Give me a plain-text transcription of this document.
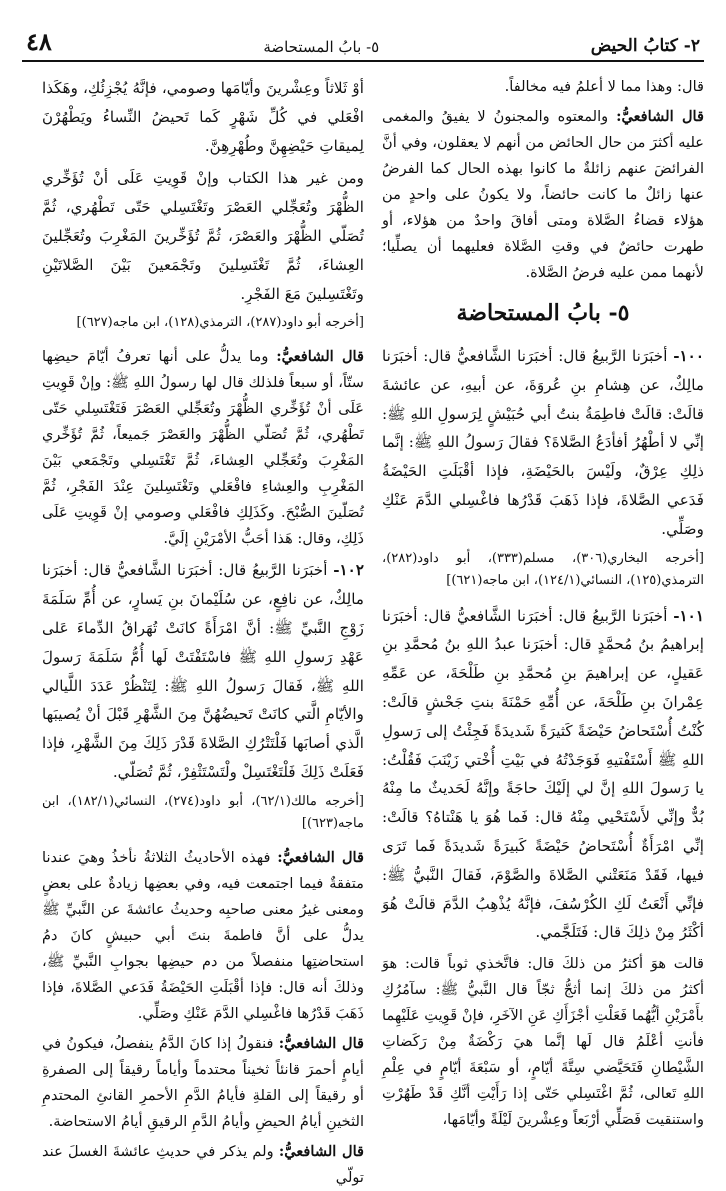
٢- كتابُ الحيض
٥- بابُ المستحاضة
٤٨

قال: وهذا مما لا أعلمُ فيه مخالفاً.

قال الشافعيُّ: والمعتوه والمجنونُ لا يفيقُ والمغمى عليه أكثرَ من حال الحائض من أنهم لا يعقلون، وفي أنَّ الفرائضَ عنهم زائلةٌ ما كانوا بهذه الحال كما الفرضُ عنها زائلٌ ما كانت حائضاً، ولا يكونُ على واحدٍ من هؤلاء قضاءُ الصَّلاة ومتى أفاقَ واحدٌ من هؤلاء، أو طهرت حائضٌ في وقتِ الصَّلاة فعليهما أن يصلِّيا؛ لأنهما ممن عليه فرضُ الصَّلاة.

٥- بابُ المستحاضة

١٠٠- أخبَرَنا الرَّبيعُ قال: أخبَرَنا الشَّافعيُّ قال: أخبَرَنا مالِكٌ، عن هِشامِ بنِ عُروَةَ، عن أبيهِ، عن عائشةَ قالَتْ: قالَتْ فاطِمَةُ بنتُ أبي حُبَيْشٍ لِرَسولِ اللهِ ﷺ: إنِّي لا أطْهُرُ أفأدَعُ الصَّلاةَ؟ فقالَ رَسولُ اللهِ ﷺ: إنَّما ذلِكِ عِرْقٌ، ولَيْسَ بالحَيْضَةِ، فإذا أقْبَلَتِ الحَيْضَةُ فَدَعي الصَّلاةَ، فإذا ذَهَبَ قَدْرُها فاغْسِلي الدَّمَ عَنْكِ وصَلِّي.

[أخرجه البخاري(٣٠٦)، مسلم(٣٣٣)، أبو داود(٢٨٢)، الترمذي(١٢٥)، النسائي(١٢٤/١)، ابن ماجه(٦٢١)]

١٠١- أخبَرَنا الرَّبيعُ قال: أخبَرَنا الشَّافعيُّ قال: أخبَرَنا إبراهيمُ بنُ مُحمَّدٍ قال: أخبَرَنا عبدُ اللهِ بنُ مُحمَّدِ بنِ عَقيلٍ، عن إبراهيمَ بنِ مُحمَّدِ بنِ طَلْحَةَ، عن عَمِّهِ عِمْرانَ بنِ طَلْحَةَ، عن أُمِّهِ حَمْنَةَ بنتِ جَحْشٍ قالَتْ: كُنْتُ أُسْتَحاضُ حَيْضَةً كَثيرَةً شَديدَةً فَجِئْتُ إلى رَسولِ اللهِ ﷺ أَسْتَفْتيهِ فَوَجَدْتُهُ في بَيْتِ أُخْتي زَيْنَبَ فَقُلْتُ: يا رَسولَ اللهِ إنَّ لي إلَيْكَ حاجَةً وإنَّهُ لَحَديثٌ ما مِنْهُ بُدٌّ وإنِّي لأَسْتَحْيي مِنْهُ قال: فَما هُوَ يا هَنْتاهُ؟ قالَتْ: إنِّي امْرَأَةٌ أُسْتَحاضُ حَيْضَةً كَبيرَةً شَديدَةً فَما تَرَى فيها، فَقَدْ مَنَعَتْني الصَّلاةَ والصَّوْمَ، فَقالَ النَّبيُّ ﷺ: فإنِّي أَنْعَتُ لَكِ الكُرْسُفَ، فإنَّهُ يُذْهِبُ الدَّمَ قالَتْ هُوَ أكْثَرُ مِنْ ذلِكَ قال: فَتَلَجَّمي.

قالت هوَ أكثرُ من ذلكَ قال: فاتَّخذي ثوباً قالت: هوَ أكثرُ من ذلكَ إنما أثجُّ ثجّاً قال النَّبيُّ ﷺ: سآمُرُكِ بأَمْرَيْنِ أيُّهُما فَعَلْتِ أجْزَأَكِ عَنِ الآخَرِ، فإنْ قَوِيتِ عَلَيْهِما فأنتِ أعْلَمُ قال لَها إنَّما هيَ رَكْضَةٌ مِنْ رَكَضاتِ الشَّيْطانِ فَتَحَيَّضي سِتَّةَ أيّامٍ، أو سَبْعَةَ أيّامٍ في عِلْمِ اللهِ تَعالى، ثُمَّ اغْتَسِلي حَتّى إذا رَأَيْتِ أنَّكِ قَدْ طَهُرْتِ واستنقيت فَصَلِّي أرْبَعاً وعِشْرينَ لَيْلَةً وأيّامَها،

أوْ ثَلاثاً وعِشْرينَ وأيّامَها وصومي، فإنَّهُ يُجْزِئُكِ، وهَكَذا افْعَلي في كُلِّ شَهْرٍ كَما تَحيضُ النِّساءُ ويَطْهُرْنَ لِميقاتِ حَيْضِهِنَّ وطُهْرِهِنَّ.

ومن غير هذا الكتاب وإنْ قَوِيتِ عَلَى أنْ تُؤَخِّري الظُّهْرَ وتُعَجِّلي العَصْرَ وتَغْتَسِلي حَتّى تَطْهُري، ثُمَّ تُصَلّي الظُّهْرَ والعَصْرَ، ثُمَّ تُؤَخِّرينَ المَغْرِبَ وتُعَجِّلينَ العِشاءَ، ثُمَّ تَغْتَسِلينَ وتَجْمَعينَ بَيْنَ الصَّلاتَيْنِ وتَغْتَسِلينَ مَعَ الفَجْرِ.

[أخرجه أبو داود(٢٨٧)، الترمذي(١٢٨)، ابن ماجه(٦٢٧)]

قال الشافعيُّ: وما يدلُّ على أنها تعرفُ أيّامَ حيضِها ستّاً، أو سبعاً فلذلك قال لها رسولُ اللهِ ﷺ: وإنْ قَوِيتِ عَلَى أنْ تُؤَخِّري الظُّهْرَ وتُعَجِّلي العَصْرَ فَتَغْتَسِلي حَتّى تَطْهُري، ثُمَّ تُصَلّي الظُّهْرَ والعَصْرَ جَميعاً، ثُمَّ تُؤَخِّري المَغْرِبَ وتُعَجِّلي العِشاءَ، ثُمَّ تَغْتَسِلي وتَجْمَعي بَيْنَ المَغْرِبِ والعِشاءِ فافْعَلي وتَغْتَسِلينَ عِنْدَ الفَجْرِ، ثُمَّ تُصَلّينَ الصُّبْحَ. وكَذَلِكِ فافْعَلي وصومي إنْ قَوِيتِ عَلَى ذَلِكِ، وقال: هَذا أحَبُّ الأمْرَيْنِ إلَيَّ.

١٠٢- أخبَرَنا الرَّبيعُ قال: أخبَرَنا الشَّافعيُّ قال: أخبَرَنا مالِكٌ، عن نافِعٍ، عن سُلَيْمانَ بنِ يَسارٍ، عن أُمِّ سَلَمَةَ زَوْجِ النَّبيِّ ﷺ: أنَّ امْرَأَةً كانَتْ تُهَراقُ الدِّماءَ عَلى عَهْدِ رَسولِ اللهِ ﷺ فاسْتَفْتَتْ لَها أُمُّ سَلَمَةَ رَسولَ اللهِ ﷺ، فَقالَ رَسولُ اللهِ ﷺ: لِتَنْظُرْ عَدَدَ اللَّيالي والأيّامِ الَّتي كانَتْ تَحيضُهُنَّ مِنَ الشَّهْرِ قَبْلَ أنْ يُصيبَها الَّذي أصابَها فَلْتَتْرُكِ الصَّلاةَ قَدْرَ ذَلِكَ مِنَ الشَّهْرِ، فإذا فَعَلَتْ ذَلِكَ فَلْتَغْتَسِلْ ولْتَسْتَثْفِرْ، ثُمَّ تُصَلّي.

[أخرجه مالك(٦٢/١)، أبو داود(٢٧٤)، النسائي(١٨٢/١)، ابن ماجه(٦٢٣)]

قال الشافعيُّ: فهذه الأحاديثُ الثلاثةُ نأخذُ وهيَ عندنا متفقةٌ فيما اجتمعت فيه، وفي بعضِها زيادةٌ على بعضٍ ومعنى غيرُ معنى صاحبِه وحديثُ عائشةَ عن النَّبيِّ ﷺ يدلُّ على أنَّ فاطمةَ بنتَ أبي حبيشٍ كانَ دمُ استحاضتِها منفصلاً من دم حيضِها بجوابِ النَّبيِّ ﷺ، وذلكَ أنه قال: فإذا أقْبَلَتِ الحَيْضَةُ فَدَعي الصَّلاةَ، فإذا ذَهَبَ قَدْرُها فاغْسِلي الدَّمَ عَنْكِ وصَلِّي.

قال الشافعيُّ: فنقولُ إذا كانَ الدَّمُ ينفصلُ، فيكونُ في أيامٍ أحمرَ قانئاً ثخيناً محتدماً وأياماً رقيقاً إلى الصفرةِ أو رقيقاً إلى القلةِ فأيامُ الدَّمِ الأحمرِ القانئِ المحتدمِ الثخينِ أيامُ الحيضِ وأيامُ الدَّمِ الرقيقِ أيامُ الاستحاضة.

قال الشافعيُّ: ولم يذكر في حديثِ عائشةَ الغسلَ عند تولّي
